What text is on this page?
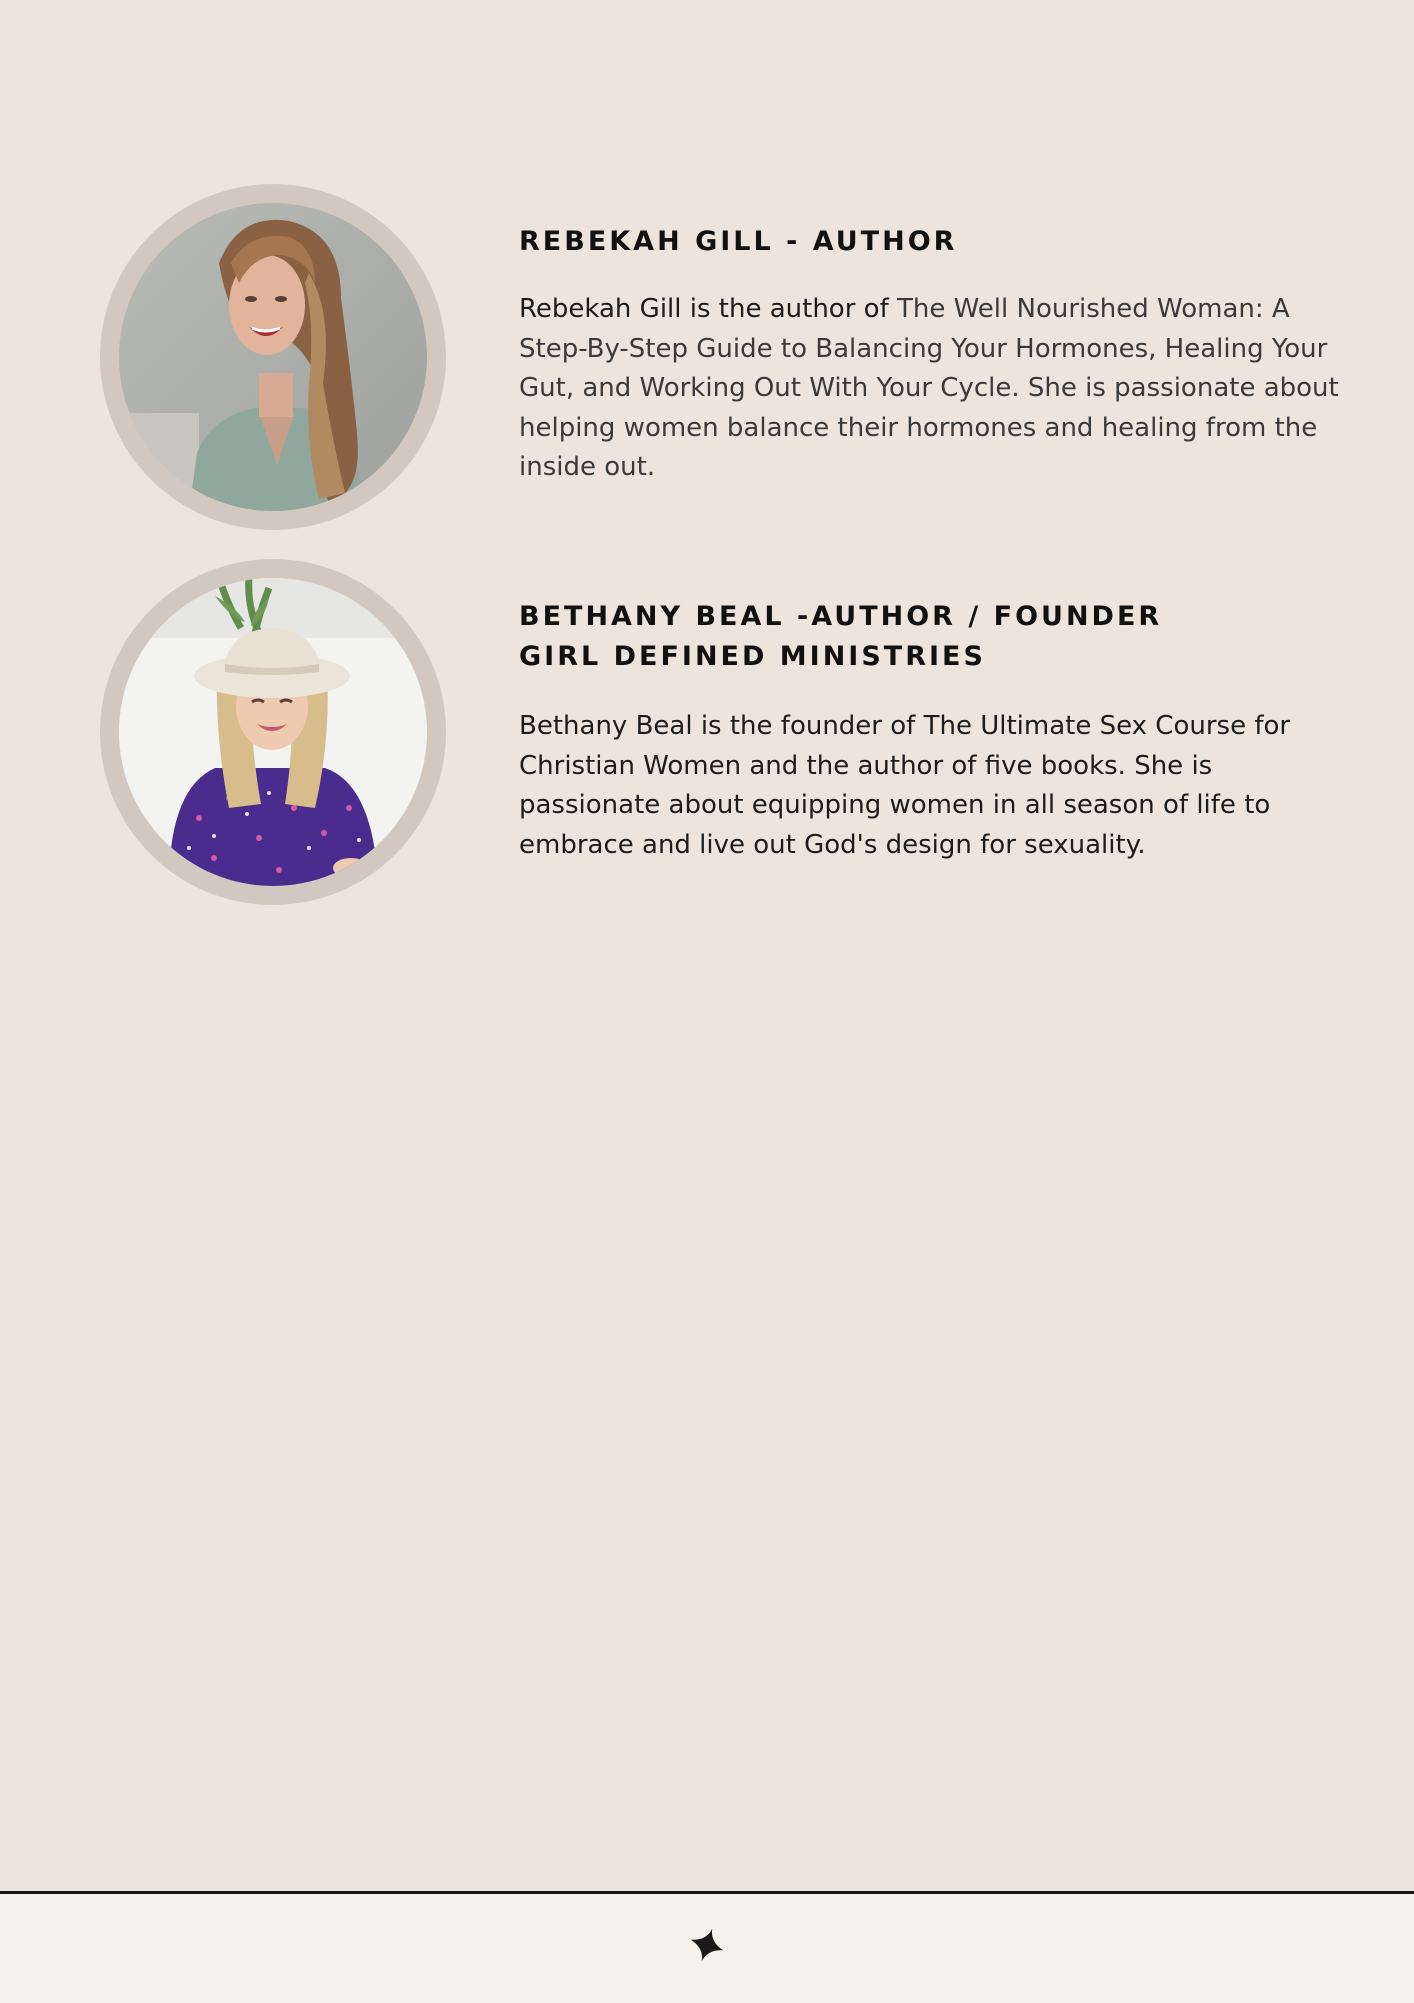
REBEKAH GILL - AUTHOR

Rebekah Gill is the author of The Well Nourished Woman: A Step-By-Step Guide to Balancing Your Hormones, Healing Your Gut, and Working Out With Your Cycle. She is passionate about helping women balance their hormones and healing from the inside out.

BETHANY BEAL -AUTHOR / FOUNDER
GIRL DEFINED MINISTRIES

Bethany Beal is the founder of The Ultimate Sex Course for Christian Women and the author of five books. She is passionate about equipping women in all season of life to embrace and live out God's design for sexuality.
